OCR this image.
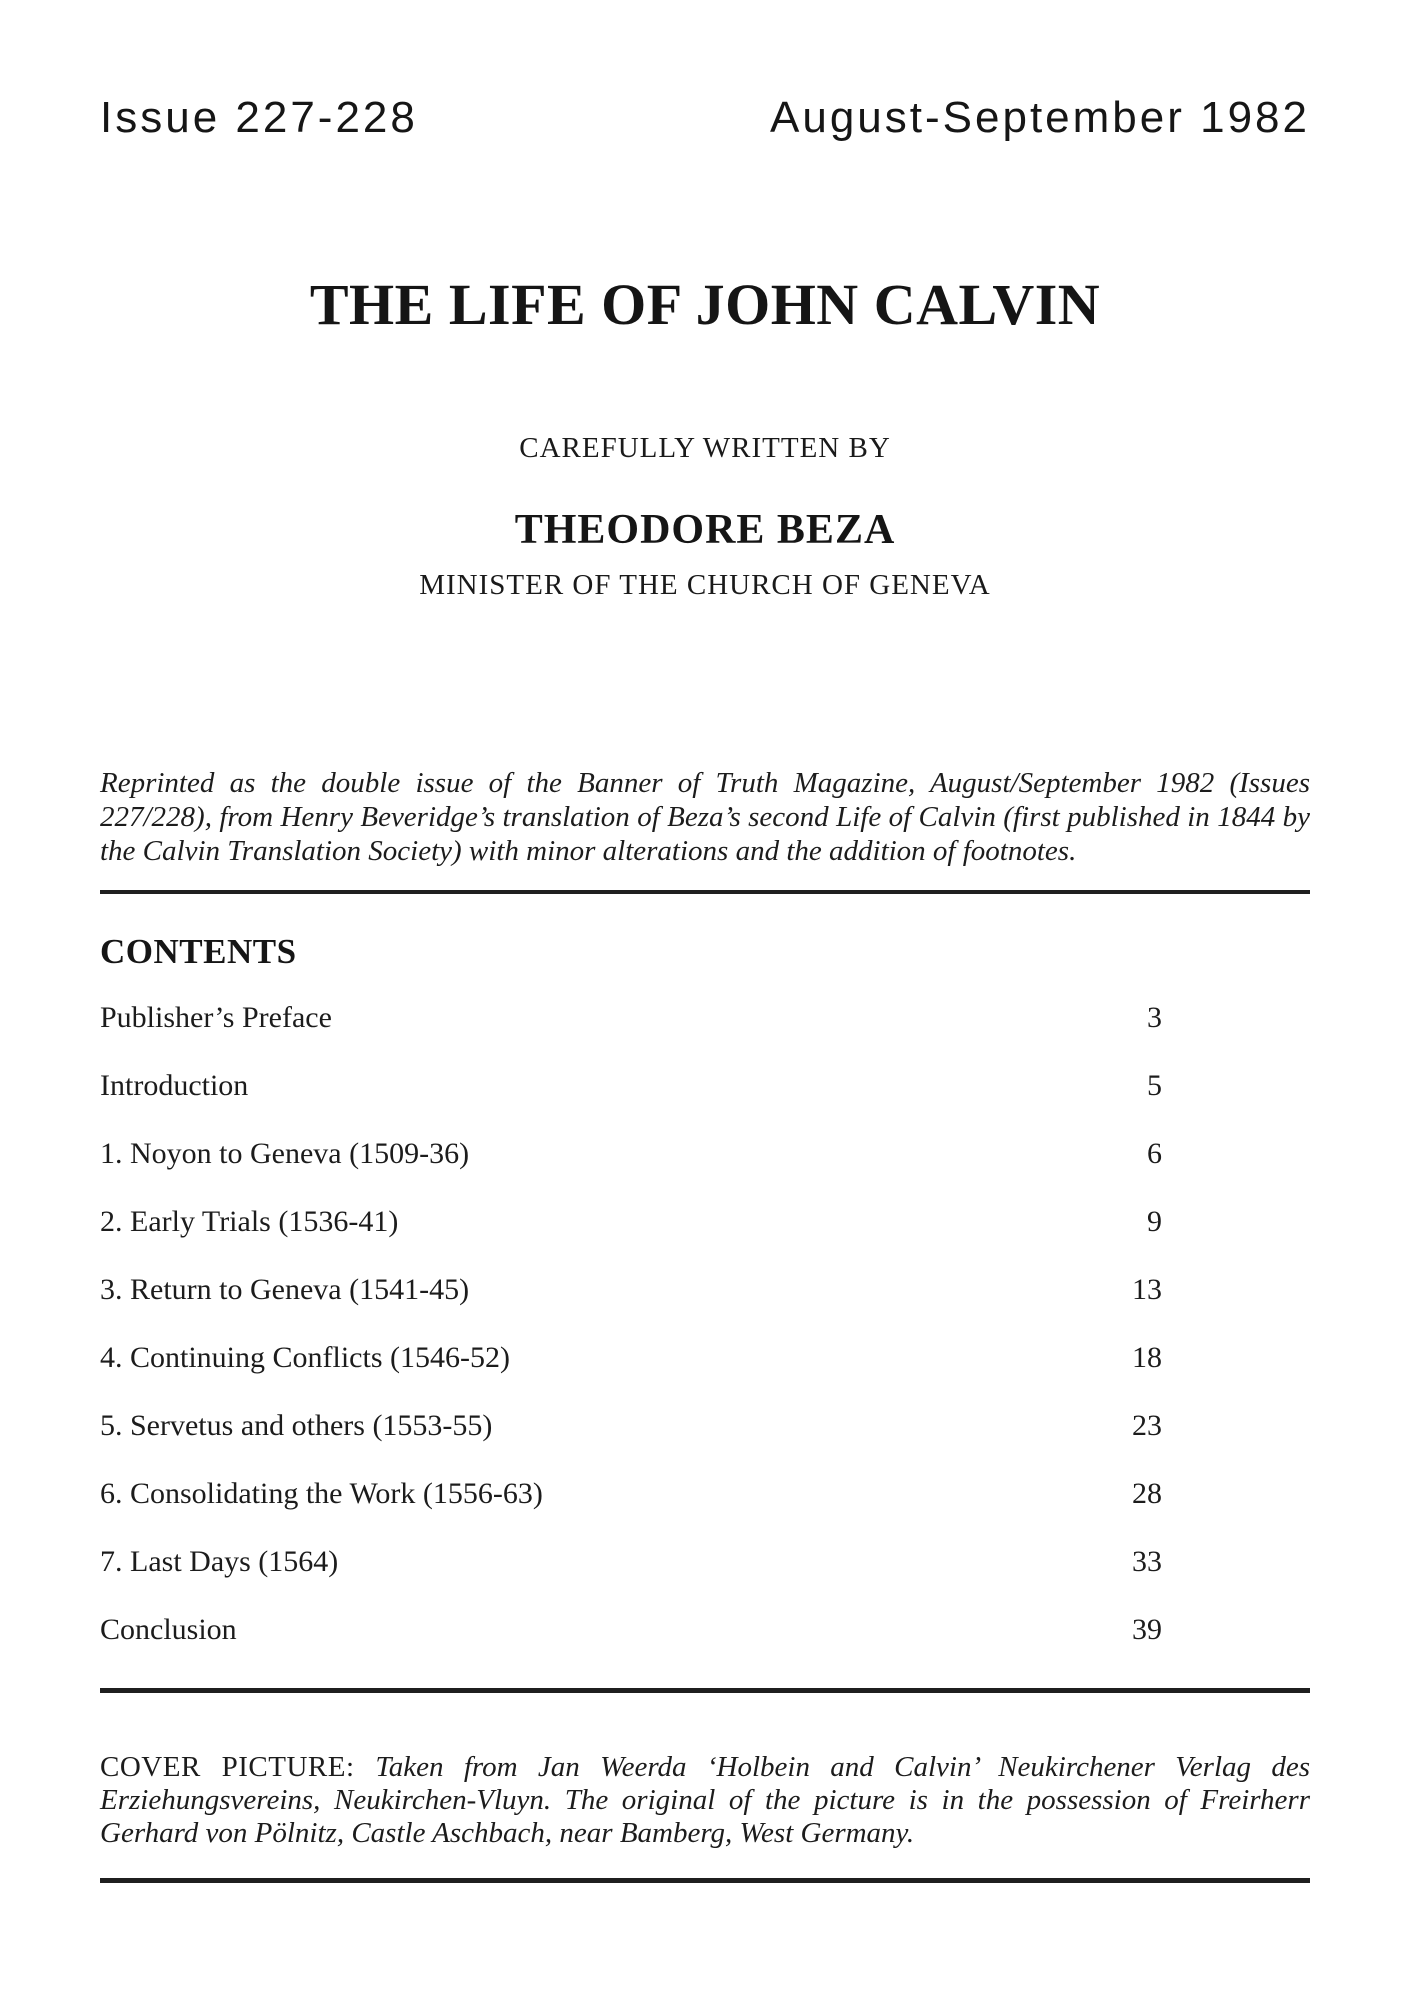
Issue 227-228	August-September 1982
THE LIFE OF JOHN CALVIN
CAREFULLY WRITTEN BY
THEODORE BEZA
MINISTER OF THE CHURCH OF GENEVA

Reprinted as the double issue of the Banner of Truth Magazine, August/September 1982 (Issues 227/228), from Henry Beveridge’s translation of Beza’s second Life of Calvin (first published in 1844 by the Calvin Translation Society) with minor alterations and the addition of footnotes.

CONTENTS
Publisher’s Preface	3
Introduction	5
1. Noyon to Geneva (1509-36)	6
2. Early Trials (1536-41)	9
3. Return to Geneva (1541-45)	13
4. Continuing Conflicts (1546-52)	18
5. Servetus and others (1553-55)	23
6. Consolidating the Work (1556-63)	28
7. Last Days (1564)	33
Conclusion	39

COVER PICTURE: Taken from Jan Weerda ‘Holbein and Calvin’ Neukirchener Verlag des Erziehungsvereins, Neukirchen-Vluyn. The original of the picture is in the possession of Freirherr Gerhard von Pölnitz, Castle Aschbach, near Bamberg, West Germany.
